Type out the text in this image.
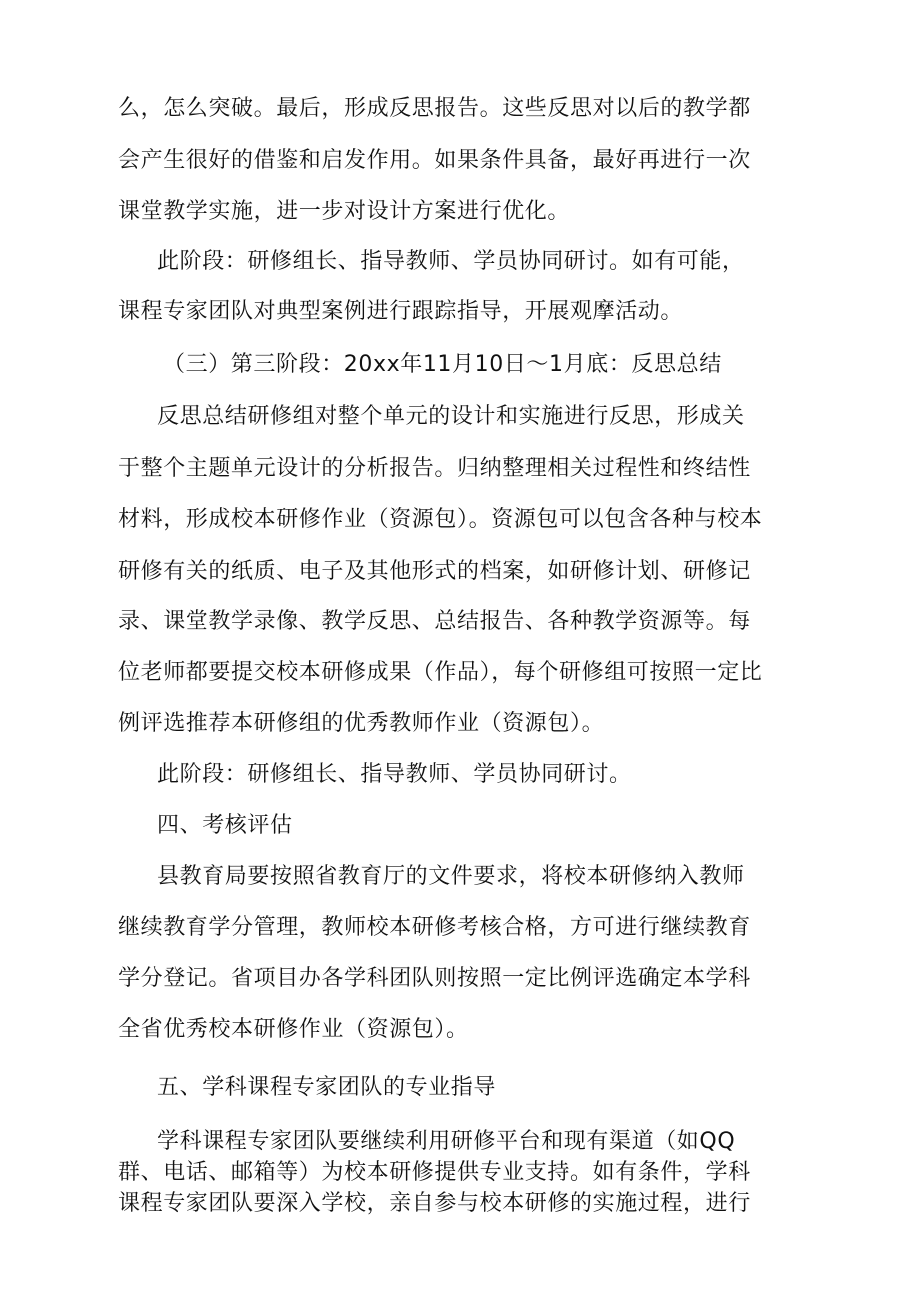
么，怎么突破。最后，形成反思报告。这些反思对以后的教学都
会产生很好的借鉴和启发作用。如果条件具备，最好再进行一次
课堂教学实施，进一步对设计方案进行优化。
此阶段：研修组长、指导教师、学员协同研讨。如有可能，
课程专家团队对典型案例进行跟踪指导，开展观摩活动。
（三）第三阶段：20xx年11月10日～1月底：反思总结
反思总结研修组对整个单元的设计和实施进行反思，形成关
于整个主题单元设计的分析报告。归纳整理相关过程性和终结性
材料，形成校本研修作业（资源包）。资源包可以包含各种与校本
研修有关的纸质、电子及其他形式的档案，如研修计划、研修记
录、课堂教学录像、教学反思、总结报告、各种教学资源等。每
位老师都要提交校本研修成果（作品），每个研修组可按照一定比
例评选推荐本研修组的优秀教师作业（资源包）。
此阶段：研修组长、指导教师、学员协同研讨。
四、考核评估
县教育局要按照省教育厅的文件要求，将校本研修纳入教师
继续教育学分管理，教师校本研修考核合格，方可进行继续教育
学分登记。省项目办各学科团队则按照一定比例评选确定本学科
全省优秀校本研修作业（资源包）。
五、学科课程专家团队的专业指导
学科课程专家团队要继续利用研修平台和现有渠道（如QQ
群、电话、邮箱等）为校本研修提供专业支持。如有条件，学科
课程专家团队要深入学校，亲自参与校本研修的实施过程，进行
